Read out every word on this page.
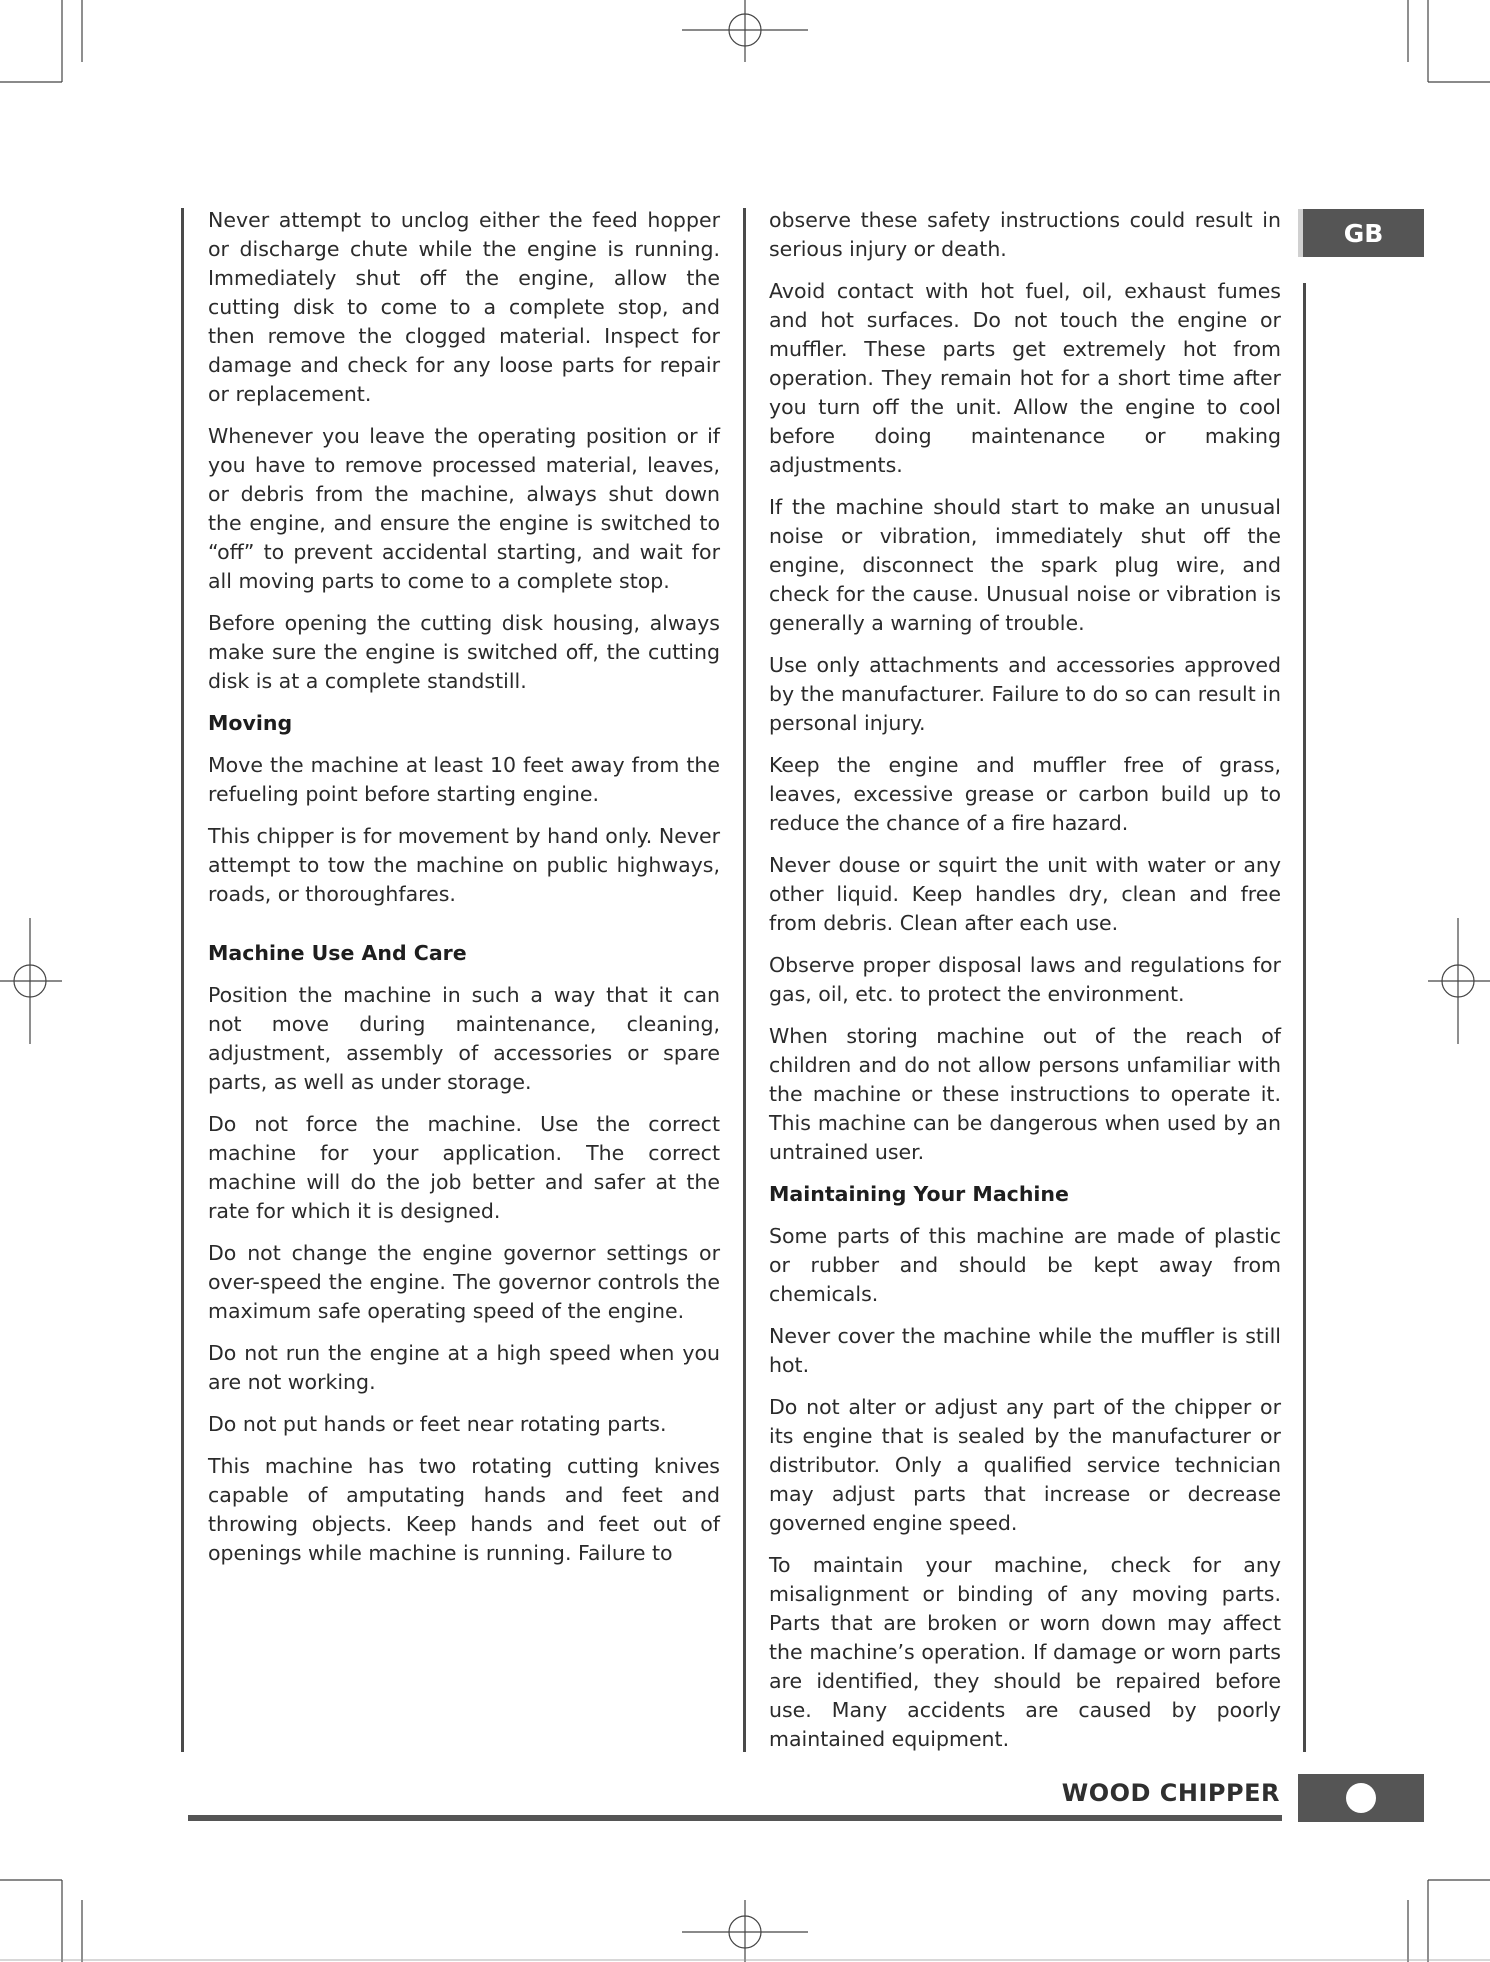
GB

Never attempt to unclog either the feed hopper or discharge chute while the engine is running. Immediately shut off the engine, allow the cutting disk to come to a complete stop, and then remove the clogged material. Inspect for damage and check for any loose parts for repair or replacement.

Whenever you leave the operating position or if you have to remove processed material, leaves, or debris from the machine, always shut down the engine, and ensure the engine is switched to “off” to prevent accidental starting, and wait for all moving parts to come to a complete stop.

Before opening the cutting disk housing, always make sure the engine is switched off, the cutting disk is at a complete standstill.

Moving

Move the machine at least 10 feet away from the refueling point before starting engine.

This chipper is for movement by hand only. Never attempt to tow the machine on public highways, roads, or thoroughfares.

Machine Use And Care

Position the machine in such a way that it can not move during maintenance, cleaning, adjustment, assembly of accessories or spare parts, as well as under storage.

Do not force the machine. Use the correct machine for your application. The correct machine will do the job better and safer at the rate for which it is designed.

Do not change the engine governor settings or over-speed the engine. The governor controls the maximum safe operating speed of the engine.

Do not run the engine at a high speed when you are not working.

Do not put hands or feet near rotating parts.

This machine has two rotating cutting knives capable of amputating hands and feet and throwing objects. Keep hands and feet out of openings while machine is running. Failure to

observe these safety instructions could result in serious injury or death.

Avoid contact with hot fuel, oil, exhaust fumes and hot surfaces. Do not touch the engine or muffler. These parts get extremely hot from operation. They remain hot for a short time after you turn off the unit. Allow the engine to cool before doing maintenance or making adjustments.

If the machine should start to make an unusual noise or vibration, immediately shut off the engine, disconnect the spark plug wire, and check for the cause. Unusual noise or vibration is generally a warning of trouble.

Use only attachments and accessories approved by the manufacturer. Failure to do so can result in personal injury.

Keep the engine and muffler free of grass, leaves, excessive grease or carbon build up to reduce the chance of a fire hazard.

Never douse or squirt the unit with water or any other liquid. Keep handles dry, clean and free from debris. Clean after each use.

Observe proper disposal laws and regulations for gas, oil, etc. to protect the environment.

When storing machine out of the reach of children and do not allow persons unfamiliar with the machine or these instructions to operate it. This machine can be dangerous when used by an untrained user.

Maintaining Your Machine

Some parts of this machine are made of plastic or rubber and should be kept away from chemicals.

Never cover the machine while the muffler is still hot.

Do not alter or adjust any part of the chipper or its engine that is sealed by the manufacturer or distributor. Only a qualified service technician may adjust parts that increase or decrease governed engine speed.

To maintain your machine, check for any misalignment or binding of any moving parts. Parts that are broken or worn down may affect the machine’s operation. If damage or worn parts are identified, they should be repaired before use. Many accidents are caused by poorly maintained equipment.

WOOD CHIPPER
